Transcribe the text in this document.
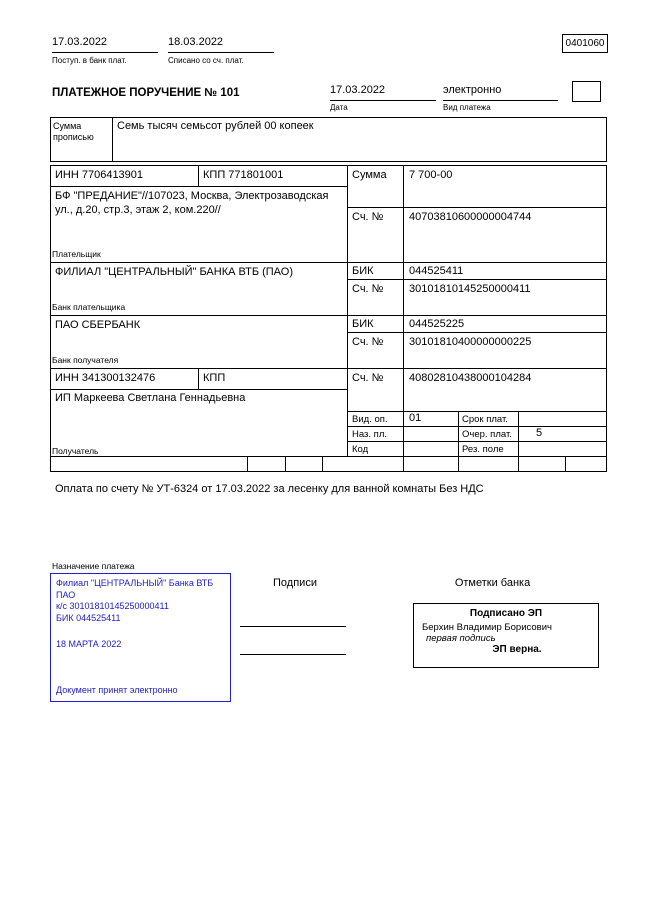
17.03.2022
Поступ. в банк плат.
18.03.2022
Списано со сч. плат.
0401060
ПЛАТЕЖНОЕ ПОРУЧЕНИЕ № 101	17.03.2022
Дата
электронно
Вид платежа
Сумма прописью
Семь тысяч семьсот рублей 00 копеек
ИНН 7706413901	КПП 771801001	Сумма 7 700-00
БФ "ПРЕДАНИЕ"//107023, Москва, Электрозаводская ул., д.20, стр.3, этаж 2, ком.220//
Сч. № 40703810600000004744
Плательщик
ФИЛИАЛ "ЦЕНТРАЛЬНЫЙ" БАНКА ВТБ (ПАО)	БИК	044525411
Сч. № 30101810145250000411
Банк плательщика
ПАО СБЕРБАНК	БИК	044525225
Сч. № 30101810400000000225
Банк получателя
ИНН 341300132476	КПП	Сч. № 40802810438000104284
ИП Маркеева Светлана Геннадьевна
Получатель
Вид. оп. 01	Срок плат.
Наз. пл.	Очер. плат. 5
Код	Рез. поле
Оплата по счету № УТ-6324 от 17.03.2022 за лесенку для ванной комнаты Без НДС
Назначение платежа
Филиал "ЦЕНТРАЛЬНЫЙ" Банка ВТБ ПАО
к/с 30101810145250000411
БИК 044525411
18 МАРТА 2022
Документ принят электронно
Подписи	Отметки банка
Подписано ЭП
Берхин Владимир Борисович
первая подпись
ЭП верна.
